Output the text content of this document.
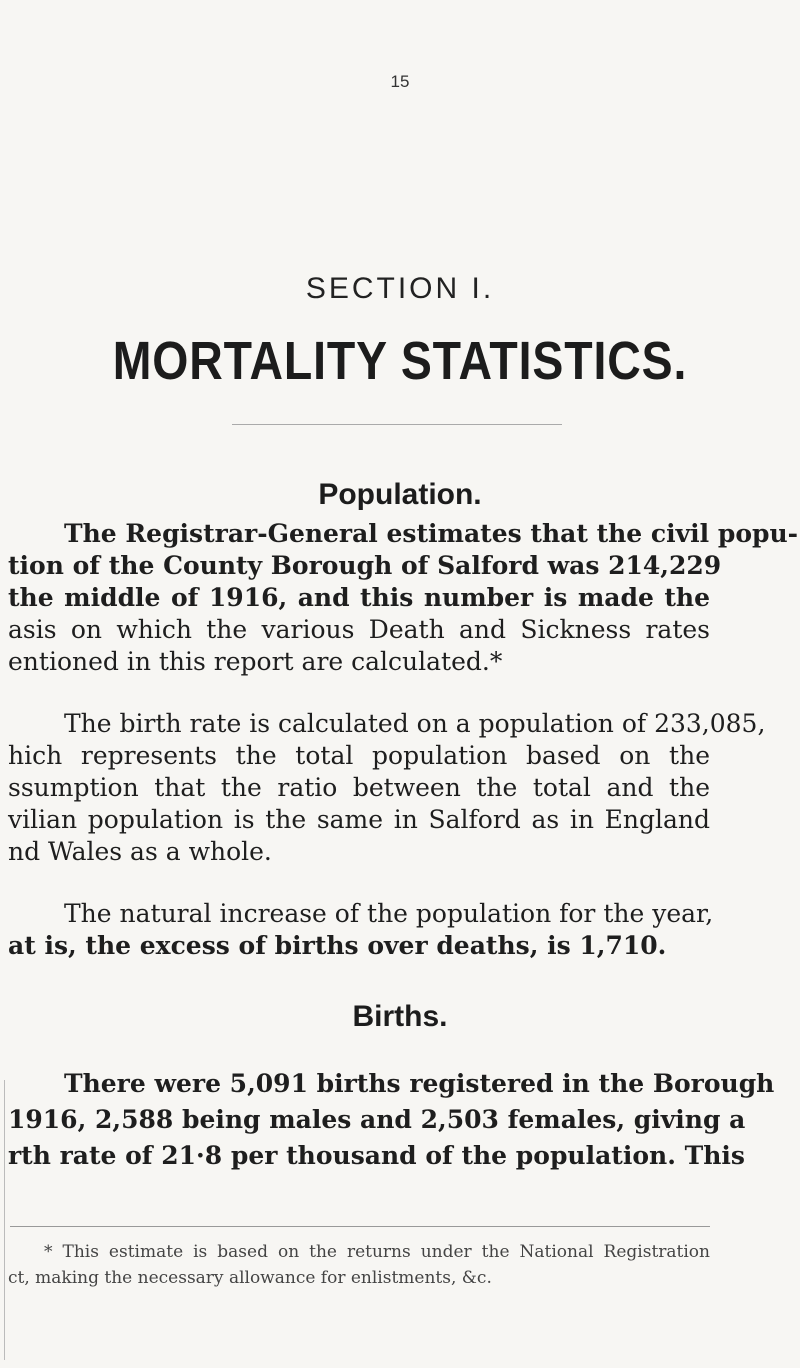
15
SECTION I.
MORTALITY STATISTICS.
Population.
The Registrar-General estimates that the civil popu-
tion of the County Borough of Salford was 214,229
the middle of 1916, and this number is made the
asis on which the various Death and Sickness rates
entioned in this report are calculated.*
The birth rate is calculated on a population of 233,085,
hich represents the total population based on the
ssumption that the ratio between the total and the
vilian population is the same in Salford as in England
nd Wales as a whole.
The natural increase of the population for the year,
at is, the excess of births over deaths, is 1,710.
Births.
There were 5,091 births registered in the Borough
1916, 2,588 being males and 2,503 females, giving a
rth rate of 21·8 per thousand of the population. This
* This estimate is based on the returns under the National Registration
ct, making the necessary allowance for enlistments, &c.
